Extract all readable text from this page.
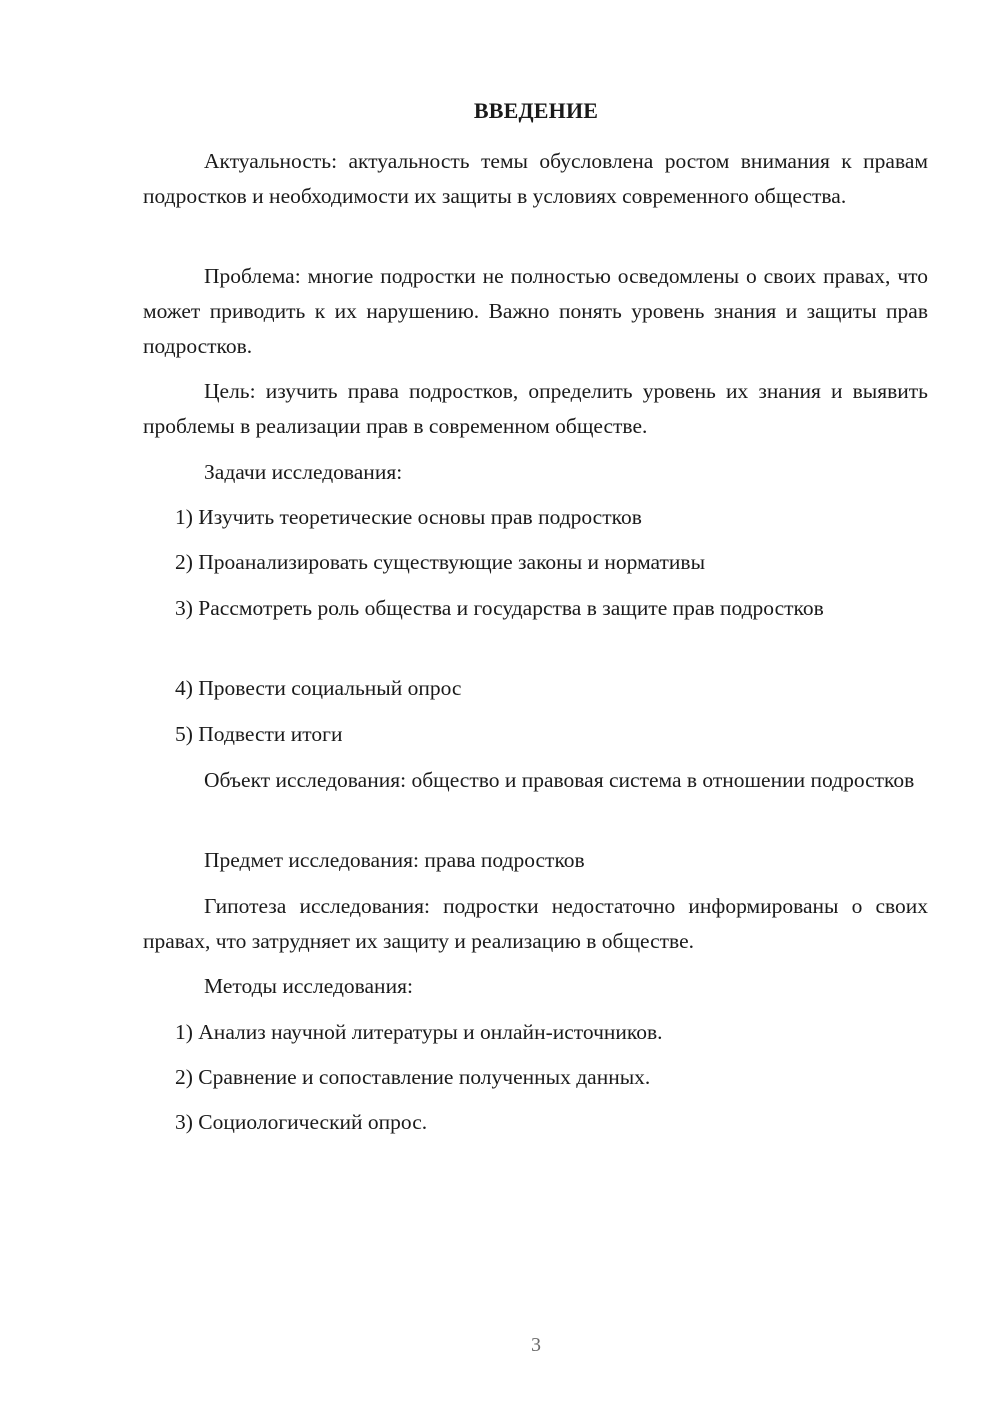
ВВЕДЕНИЕ

Актуальность: актуальность темы обусловлена ростом внимания к правам подростков и необходимости их защиты в условиях современного общества.

Проблема: многие подростки не полностью осведомлены о своих правах, что может приводить к их нарушению. Важно понять уровень знания и защиты прав подростков.

Цель: изучить права подростков, определить уровень их знания и выявить проблемы в реализации прав в современном обществе.

Задачи исследования:

1) Изучить теоретические основы прав подростков

2) Проанализировать существующие законы и нормативы

3) Рассмотреть роль общества и государства в защите прав подростков

4) Провести социальный опрос

5) Подвести итоги

Объект исследования: общество и правовая система в отношении подростков

Предмет исследования: права подростков

Гипотеза исследования: подростки недостаточно информированы о своих правах, что затрудняет их защиту и реализацию в обществе.

Методы исследования:

1) Анализ научной литературы и онлайн-источников.

2) Сравнение и сопоставление полученных данных.

3) Социологический опрос.

3
